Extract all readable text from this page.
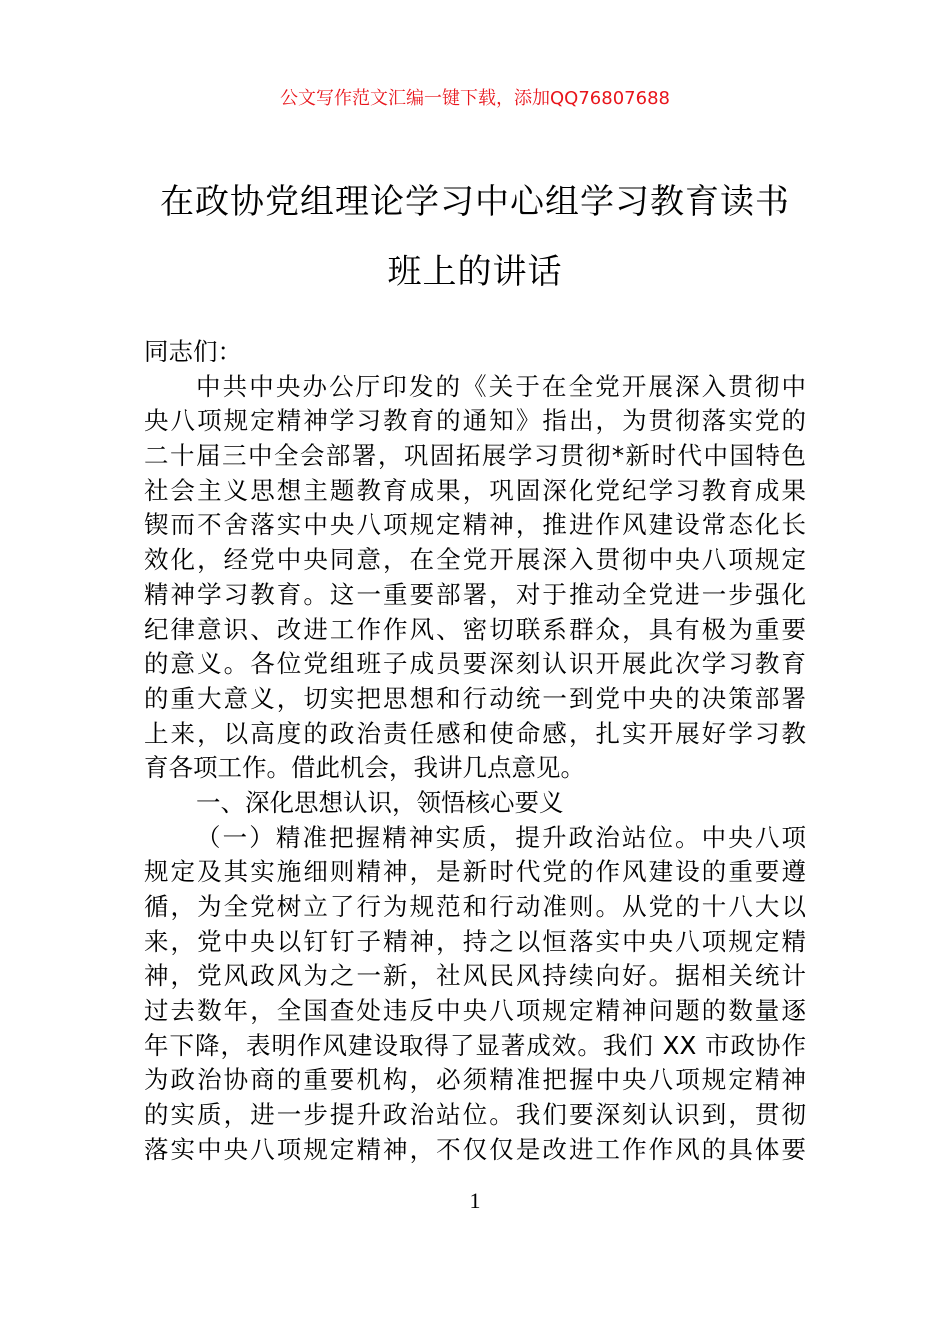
公文写作范文汇编一键下载，添加QQ76807688
在政协党组理论学习中心组学习教育读书
班上的讲话
同志们：
中共中央办公厅印发的《关于在全党开展深入贯彻中
央八项规定精神学习教育的通知》指出，为贯彻落实党的
二十届三中全会部署，巩固拓展学习贯彻*新时代中国特色
社会主义思想主题教育成果，巩固深化党纪学习教育成果
锲而不舍落实中央八项规定精神，推进作风建设常态化长
效化，经党中央同意，在全党开展深入贯彻中央八项规定
精神学习教育。这一重要部署，对于推动全党进一步强化
纪律意识、改进工作作风、密切联系群众，具有极为重要
的意义。各位党组班子成员要深刻认识开展此次学习教育
的重大意义，切实把思想和行动统一到党中央的决策部署
上来，以高度的政治责任感和使命感，扎实开展好学习教
育各项工作。借此机会，我讲几点意见。
一、深化思想认识，领悟核心要义
（一）精准把握精神实质，提升政治站位。中央八项
规定及其实施细则精神，是新时代党的作风建设的重要遵
循，为全党树立了行为规范和行动准则。从党的十八大以
来，党中央以钉钉子精神，持之以恒落实中央八项规定精
神，党风政风为之一新，社风民风持续向好。据相关统计
过去数年，全国查处违反中央八项规定精神问题的数量逐
年下降，表明作风建设取得了显著成效。我们 XX 市政协作
为政治协商的重要机构，必须精准把握中央八项规定精神
的实质，进一步提升政治站位。我们要深刻认识到，贯彻
落实中央八项规定精神，不仅仅是改进工作作风的具体要
1
